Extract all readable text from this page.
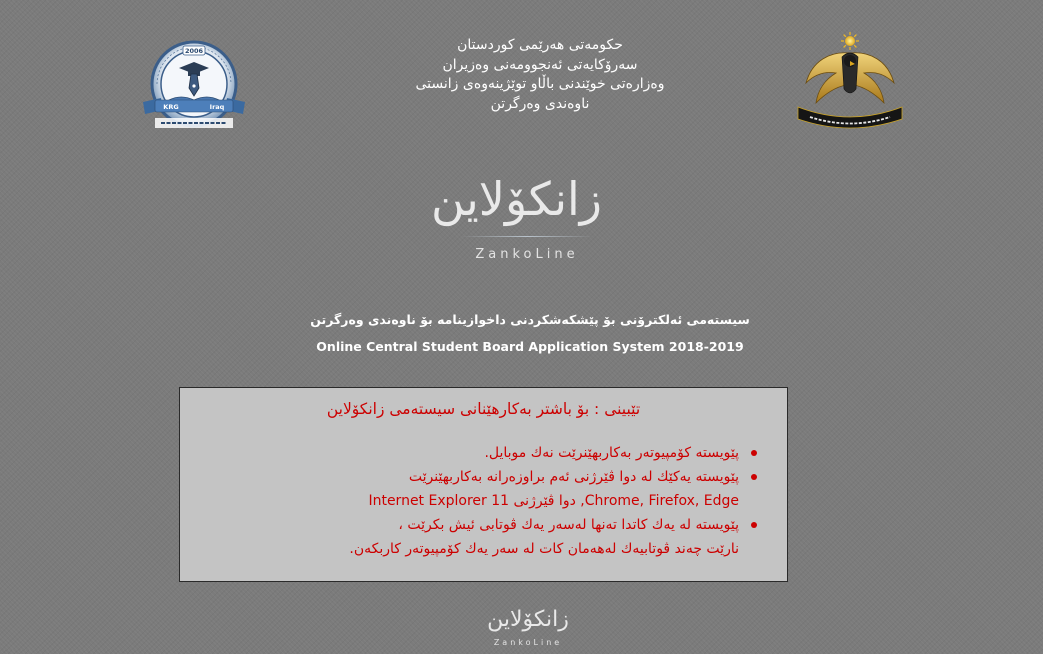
2006
KRG	Iraq
حكومەتی هەرێمی كوردستان
سەرۆكایەتی ئەنجوومەنی وەزیران
وەزارەتی خوێندنی باڵاو توێژینەوەی زانستی
ناوەندی وەرگرتن
زانكۆلاین
ZankoLine
سیستەمی ئەلكترۆنی بۆ پێشكەشكردنی داخوازینامە بۆ ناوەندی وەرگرتن
Online Central Student Board Application System 2018-2019
تێبینی : بۆ باشتر بەكارهێنانی سیستەمی زانكۆلاین
پێویستە كۆمپیوتەر بەكاربهێنرێت نەك موبایل.
پێویستە یەكێك لە دوا ڤێرژنی ئەم براوزەرانە بەكاربهێنرێت
Chrome, Firefox, Edge, دوا ڤێرژنی Internet Explorer 11
پێویستە لە یەك كاتدا تەنها لەسەر یەك ڤوتابی ئیش بكرێت ،
نارێت چەند ڤوتابیەك لەهەمان كات لە سەر یەك كۆمپیوتەر كاربكەن.
زانكۆلاین
ZankoLine
